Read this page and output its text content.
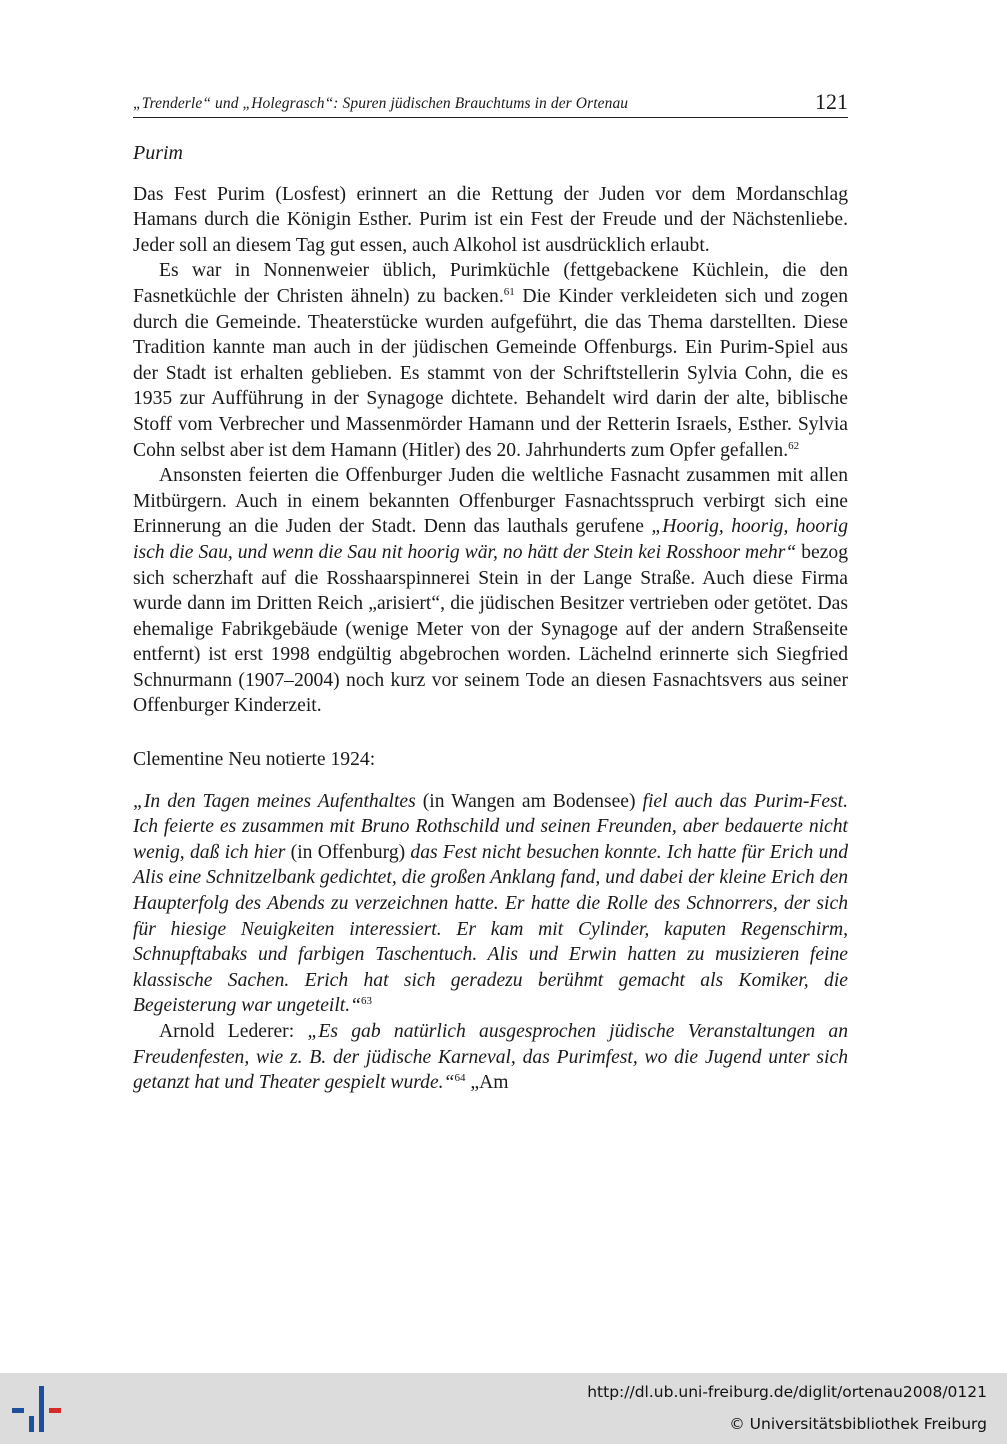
„Trenderle“ und „Holegrasch“: Spuren jüdischen Brauchtums in der Ortenau	121

Purim

Das Fest Purim (Losfest) erinnert an die Rettung der Juden vor dem Mordanschlag Hamans durch die Königin Esther. Purim ist ein Fest der Freude und der Nächstenliebe. Jeder soll an diesem Tag gut essen, auch Alkohol ist ausdrücklich erlaubt.

Es war in Nonnenweier üblich, Purimküchle (fettgebackene Küchlein, die den Fasnetküchle der Christen ähneln) zu backen.$^{61}$ Die Kinder verkleideten sich und zogen durch die Gemeinde. Theaterstücke wurden aufgeführt, die das Thema darstellten. Diese Tradition kannte man auch in der jüdischen Gemeinde Offenburgs. Ein Purim-Spiel aus der Stadt ist erhalten geblieben. Es stammt von der Schriftstellerin Sylvia Cohn, die es 1935 zur Aufführung in der Synagoge dichtete. Behandelt wird darin der alte, biblische Stoff vom Verbrecher und Massenmörder Hamann und der Retterin Israels, Esther. Sylvia Cohn selbst aber ist dem Hamann (Hitler) des 20. Jahrhunderts zum Opfer gefallen.$^{62}$

Ansonsten feierten die Offenburger Juden die weltliche Fasnacht zusammen mit allen Mitbürgern. Auch in einem bekannten Offenburger Fasnachtsspruch verbirgt sich eine Erinnerung an die Juden der Stadt. Denn das lauthals gerufene „Hoorig, hoorig, hoorig isch die Sau, und wenn die Sau nit hoorig wär, no hätt der Stein kei Rosshoor mehr“ bezog sich scherzhaft auf die Rosshaarspinnerei Stein in der Lange Straße. Auch diese Firma wurde dann im Dritten Reich „arisiert“, die jüdischen Besitzer vertrieben oder getötet. Das ehemalige Fabrikgebäude (wenige Meter von der Synagoge auf der andern Straßenseite entfernt) ist erst 1998 endgültig abgebrochen worden. Lächelnd erinnerte sich Siegfried Schnurmann (1907–2004) noch kurz vor seinem Tode an diesen Fasnachtsvers aus seiner Offenburger Kinderzeit.

Clementine Neu notierte 1924:

„In den Tagen meines Aufenthaltes (in Wangen am Bodensee) fiel auch das Purim-Fest. Ich feierte es zusammen mit Bruno Rothschild und seinen Freunden, aber bedauerte nicht wenig, daß ich hier (in Offenburg) das Fest nicht besuchen konnte. Ich hatte für Erich und Alis eine Schnitzelbank gedichtet, die großen Anklang fand, und dabei der kleine Erich den Haupterfolg des Abends zu verzeichnen hatte. Er hatte die Rolle des Schnorrers, der sich für hiesige Neuigkeiten interessiert. Er kam mit Cylinder, kaputen Regenschirm, Schnupftabaks und farbigen Taschentuch. Alis und Erwin hatten zu musizieren feine klassische Sachen. Erich hat sich geradezu berühmt gemacht als Komiker, die Begeisterung war ungeteilt.“$^{63}$

Arnold Lederer: „Es gab natürlich ausgesprochen jüdische Veranstaltungen an Freudenfesten, wie z. B. der jüdische Karneval, das Purimfest, wo die Jugend unter sich getanzt hat und Theater gespielt wurde.“$^{64}$ „Am

http://dl.ub.uni-freiburg.de/diglit/ortenau2008/0121
© Universitätsbibliothek Freiburg
